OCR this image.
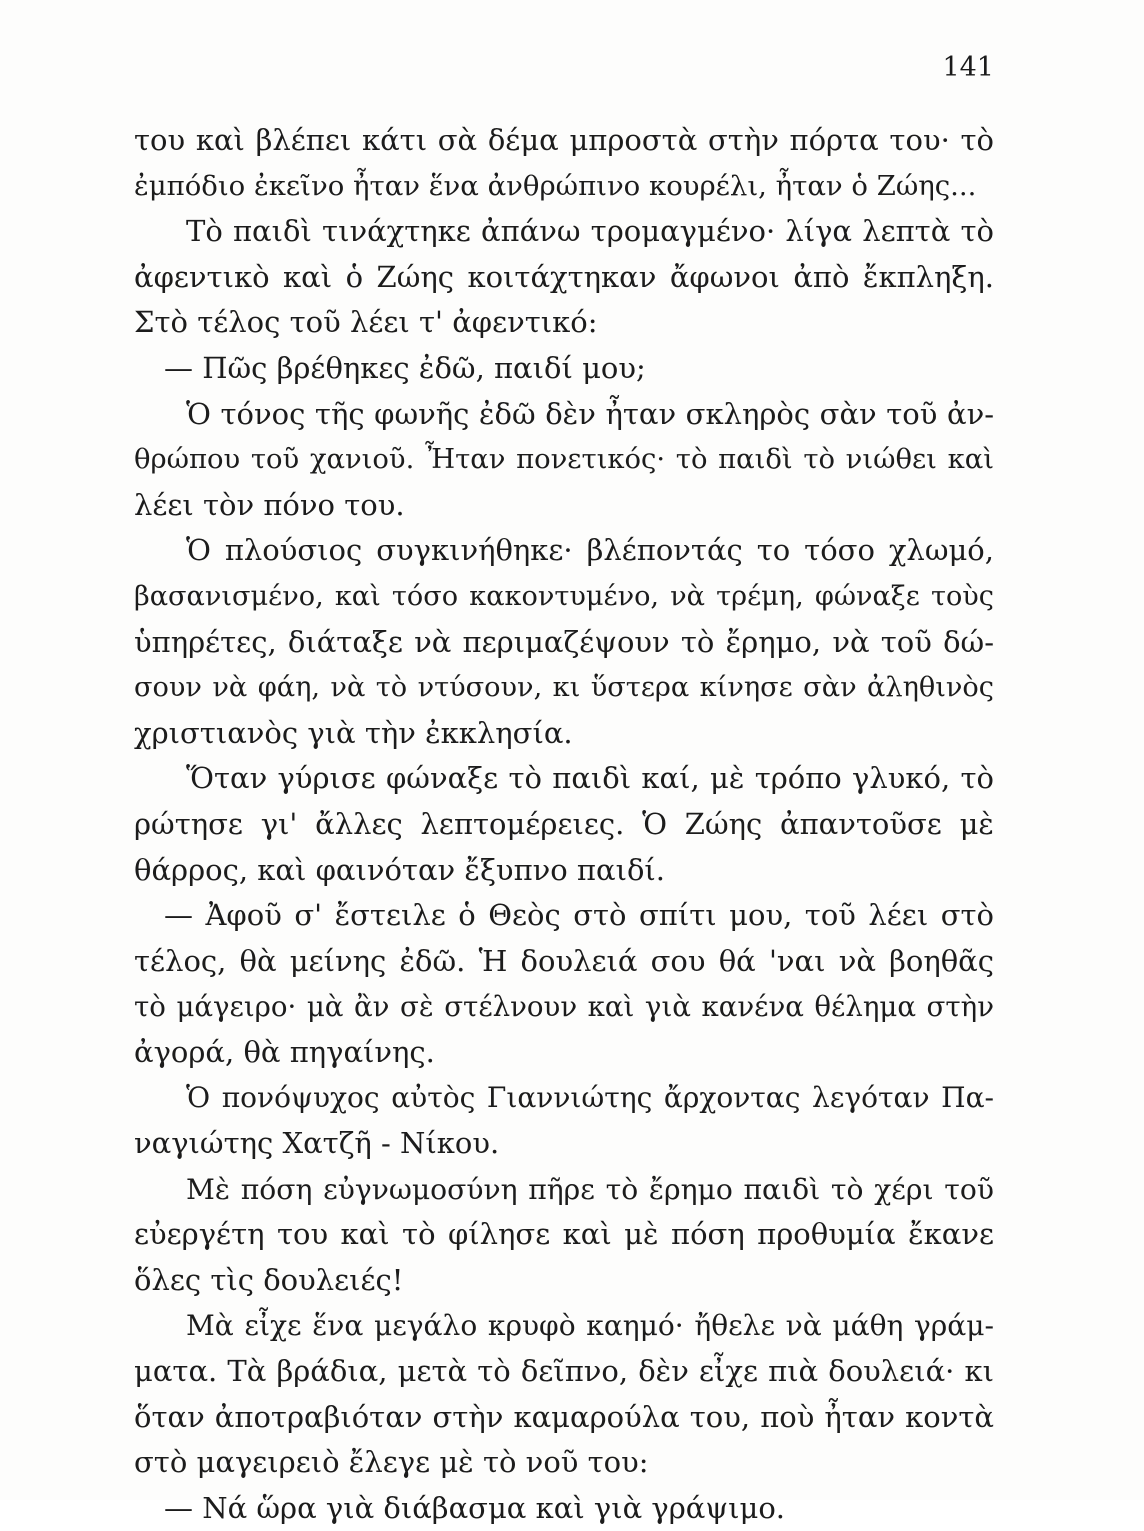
141
του καὶ βλέπει κάτι σὰ δέμα μπροστὰ στὴν πόρτα του· τὸ
ἐμπόδιο ἐκεῖνο ἦταν ἕνα ἀνθρώπινο κουρέλι, ἦταν ὁ Ζώης...
Τὸ παιδὶ τινάχτηκε ἀπάνω τρομαγμένο· λίγα λεπτὰ τὸ
ἀφεντικὸ καὶ ὁ Ζώης κοιτάχτηκαν ἄφωνοι ἀπὸ ἔκπληξη.
Στὸ τέλος τοῦ λέει τ' ἀφεντικό:
— Πῶς βρέθηκες ἐδῶ, παιδί μου;
Ὁ τόνος τῆς φωνῆς ἐδῶ δὲν ἦταν σκληρὸς σὰν τοῦ ἀν-
θρώπου τοῦ χανιοῦ. Ἦταν πονετικός· τὸ παιδὶ τὸ νιώθει καὶ
λέει τὸν πόνο του.
Ὁ πλούσιος συγκινήθηκε· βλέποντάς το τόσο χλωμό,
βασανισμένο, καὶ τόσο κακοντυμένο, νὰ τρέμη, φώναξε τοὺς
ὑπηρέτες, διάταξε νὰ περιμαζέψουν τὸ ἔρημο, νὰ τοῦ δώ-
σουν νὰ φάη, νὰ τὸ ντύσουν, κι ὕστερα κίνησε σὰν ἀληθινὸς
χριστιανὸς γιὰ τὴν ἐκκλησία.
Ὅταν γύρισε φώναξε τὸ παιδὶ καί, μὲ τρόπο γλυκό, τὸ
ρώτησε γι' ἄλλες λεπτομέρειες. Ὁ Ζώης ἀπαντοῦσε μὲ
θάρρος, καὶ φαινόταν ἔξυπνο παιδί.
— Ἀφοῦ σ' ἔστειλε ὁ Θεὸς στὸ σπίτι μου, τοῦ λέει στὸ
τέλος, θὰ μείνης ἐδῶ. Ἡ δουλειά σου θά 'ναι νὰ βοηθᾶς
τὸ μάγειρο· μὰ ἂν σὲ στέλνουν καὶ γιὰ κανένα θέλημα στὴν
ἀγορά, θὰ πηγαίνης.
Ὁ πονόψυχος αὐτὸς Γιαννιώτης ἄρχοντας λεγόταν Πα-
ναγιώτης Χατζῆ - Νίκου.
Μὲ πόση εὐγνωμοσύνη πῆρε τὸ ἔρημο παιδὶ τὸ χέρι τοῦ
εὐεργέτη του καὶ τὸ φίλησε καὶ μὲ πόση προθυμία ἔκανε
ὅλες τὶς δουλειές!
Μὰ εἶχε ἕνα μεγάλο κρυφὸ καημό· ἤθελε νὰ μάθη γράμ-
ματα. Τὰ βράδια, μετὰ τὸ δεῖπνο, δὲν εἶχε πιὰ δουλειά· κι
ὅταν ἀποτραβιόταν στὴν καμαρούλα του, ποὺ ἦταν κοντὰ
στὸ μαγειρειὸ ἔλεγε μὲ τὸ νοῦ του:
— Νά ὥρα γιὰ διάβασμα καὶ γιὰ γράψιμο.
